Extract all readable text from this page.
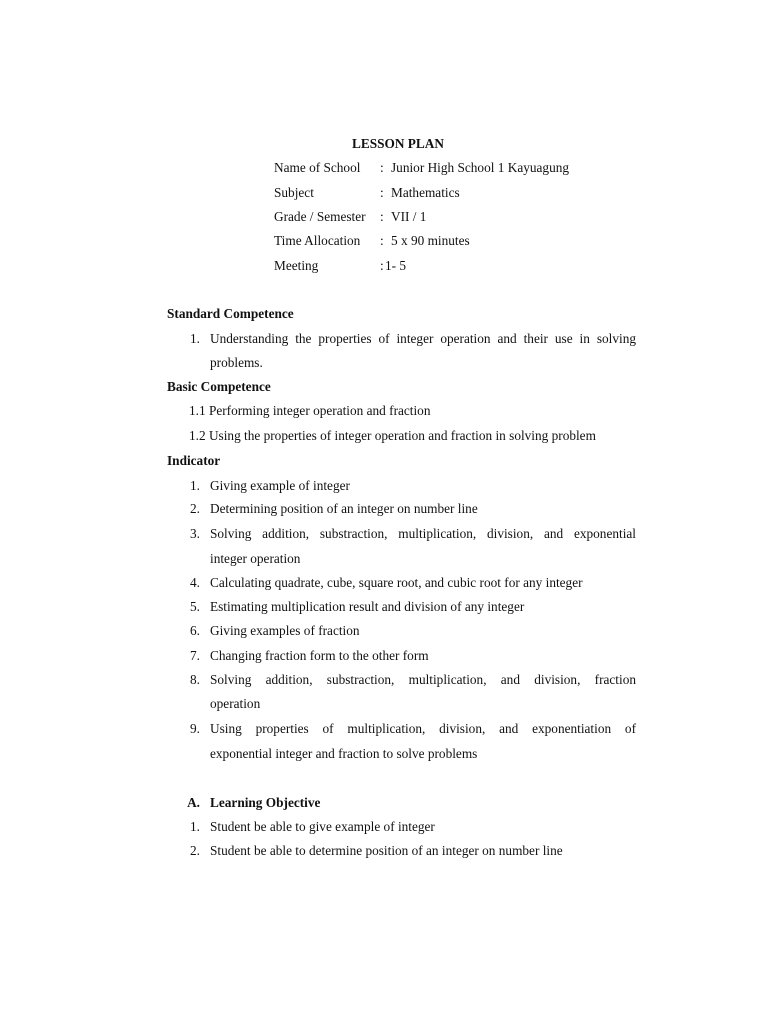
LESSON PLAN
Name of School : Junior High School 1 Kayuagung
Subject	: Mathematics
Grade / Semester : VII / 1
Time Allocation : 5 x 90 minutes
Meeting	: 1- 5
Standard Competence
1. Understanding the properties of integer operation and their use in solving
problems.
Basic Competence
1.1 Performing integer operation and fraction
1.2 Using the properties of integer operation and fraction in solving problem
Indicator
1. Giving example of integer
2. Determining position of an integer on number line
3. Solving addition, substraction, multiplication, division, and exponential
integer operation
4. Calculating quadrate, cube, square root, and cubic root for any integer
5. Estimating multiplication result and division of any integer
6. Giving examples of fraction
7. Changing fraction form to the other form
8. Solving addition, substraction, multiplication, and division, fraction
operation
9. Using properties of multiplication, division, and exponentiation of
exponential integer and fraction to solve problems
A. Learning Objective
1. Student be able to give example of integer
2. Student be able to determine position of an integer on number line
